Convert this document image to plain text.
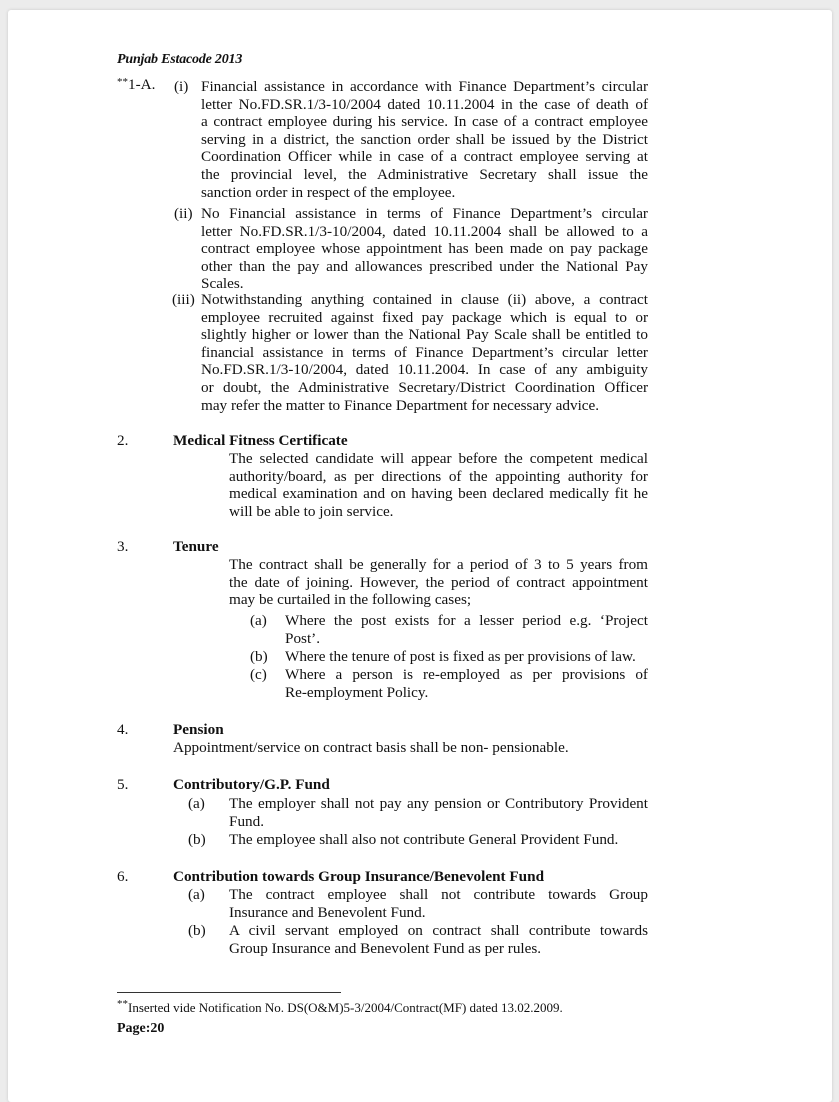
Punjab Estacode 2013
**1-A. (i) Financial assistance in accordance with Finance Department’s circular

letter No.FD.SR.1/3-10/2004 dated 10.11.2004 in the case of death of

a contract employee during his service. In case of a contract employee

serving in a district, the sanction order shall be issued by the District

Coordination Officer while in case of a contract employee serving at

the provincial level, the Administrative Secretary shall issue the

sanction order in respect of the employee.

(ii) No Financial assistance in terms of Finance Department’s circular

letter No.FD.SR.1/3-10/2004, dated 10.11.2004 shall be allowed to a

contract employee whose appointment has been made on pay package

other than the pay and allowances prescribed under the National Pay

Scales.

(iii) Notwithstanding anything contained in clause (ii) above, a contract

employee recruited against fixed pay package which is equal to or

slightly higher or lower than the National Pay Scale shall be entitled to

financial assistance in terms of Finance Department’s circular letter

No.FD.SR.1/3-10/2004, dated 10.11.2004. In case of any ambiguity

or doubt, the Administrative Secretary/District Coordination Officer

may refer the matter to Finance Department for necessary advice.

2.	Medical Fitness Certificate

The selected candidate will appear before the competent medical

authority/board, as per directions of the appointing authority for

medical examination and on having been declared medically fit he

will be able to join service.

3.	Tenure

The contract shall be generally for a period of 3 to 5 years from

the date of joining. However, the period of contract appointment

may be curtailed in the following cases;

(a) Where the post exists for a lesser period e.g. ‘Project

Post’.

(b) Where the tenure of post is fixed as per provisions of law.
(c) Where a person is re-employed as per provisions of

Re-employment Policy.

4.	Pension
Appointment/service on contract basis shall be non- pensionable.
5.	Contributory/G.P. Fund
(a) The employer shall not pay any pension or Contributory Provident

Fund.

(b) The employee shall also not contribute General Provident Fund.
6.	Contribution towards Group Insurance/Benevolent Fund
(a) The contract employee shall not contribute towards Group

Insurance and Benevolent Fund.

(b) A civil servant employed on contract shall contribute towards

Group Insurance and Benevolent Fund as per rules.

**Inserted vide Notification No. DS(O&M)5-3/2004/Contract(MF) dated 13.02.2009.
Page:20
